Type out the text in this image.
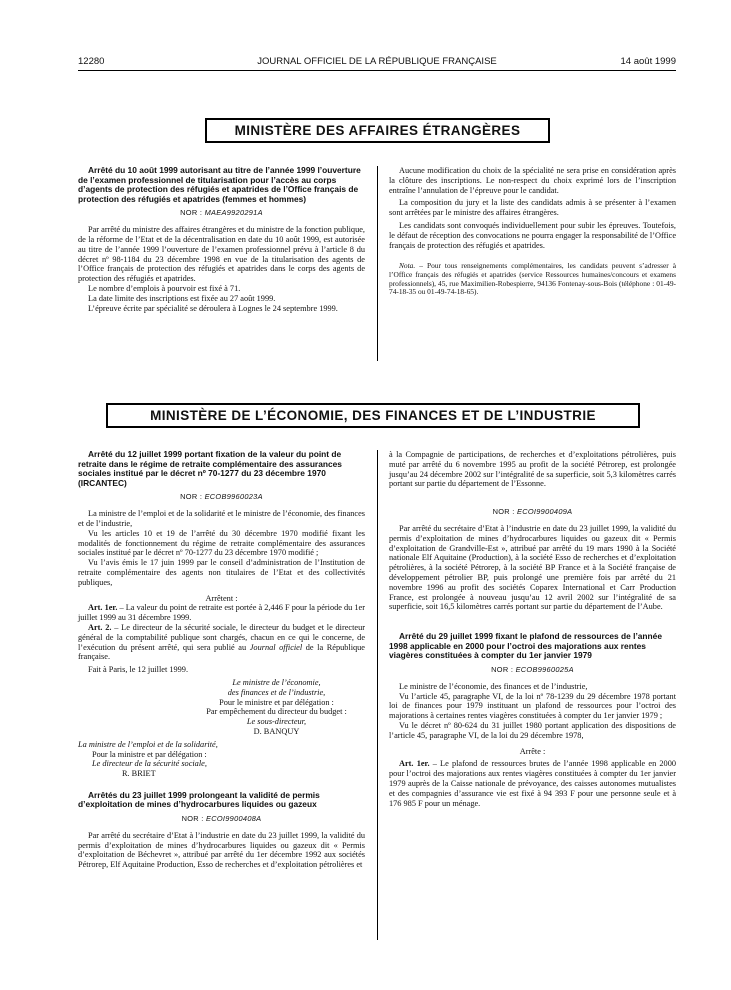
12280	JOURNAL OFFICIEL DE LA RÉPUBLIQUE FRANÇAISE	14 août 1999
MINISTÈRE DES AFFAIRES ÉTRANGÈRES

Arrêté du 10 août 1999 autorisant au titre de l’année 1999 l’ouverture de l’examen professionnel de titularisation pour l’accès au corps d’agents de protection des réfugiés et apatrides de l’Office français de protection des réfugiés et apatrides (femmes et hommes)

NOR : MAEA9920291A

Par arrêté du ministre des affaires étrangères et du ministre de la fonction publique, de la réforme de l’Etat et de la décentralisation en date du 10 août 1999, est autorisée au titre de l’année 1999 l’ouverture de l’examen professionnel prévu à l’article 8 du décret nº 98-1184 du 23 décembre 1998 en vue de la titularisation des agents de l’Office français de protection des réfugiés et apatrides dans le corps des agents de protection des réfugiés et apatrides.

Le nombre d’emplois à pourvoir est fixé à 71.

La date limite des inscriptions est fixée au 27 août 1999.

L’épreuve écrite par spécialité se déroulera à Lognes le 24 septembre 1999.

Aucune modification du choix de la spécialité ne sera prise en considération après la clôture des inscriptions. Le non-respect du choix exprimé lors de l’inscription entraîne l’annulation de l’épreuve pour le candidat.

La composition du jury et la liste des candidats admis à se présenter à l’examen sont arrêtées par le ministre des affaires étrangères.

Les candidats sont convoqués individuellement pour subir les épreuves. Toutefois, le défaut de réception des convocations ne pourra engager la responsabilité de l’Office français de protection des réfugiés et apatrides.

Nota. – Pour tous renseignements complémentaires, les candidats peuvent s’adresser à l’Office français des réfugiés et apatrides (service Ressources humaines/concours et examens professionnels), 45, rue Maximilien-Robespierre, 94136 Fontenay-sous-Bois (téléphone : 01-49-74-18-35 ou 01-49-74-18-65).

MINISTÈRE DE L’ÉCONOMIE, DES FINANCES ET DE L’INDUSTRIE

Arrêté du 12 juillet 1999 portant fixation de la valeur du point de retraite dans le régime de retraite complémentaire des assurances sociales institué par le décret nº 70-1277 du 23 décembre 1970 (IRCANTEC)

NOR : ECOB9960023A

La ministre de l’emploi et de la solidarité et le ministre de l’économie, des finances et de l’industrie,

Vu les articles 10 et 19 de l’arrêté du 30 décembre 1970 modifié fixant les modalités de fonctionnement du régime de retraite complémentaire des assurances sociales institué par le décret nº 70-1277 du 23 décembre 1970 modifié ;

Vu l’avis émis le 17 juin 1999 par le conseil d’administration de l’Institution de retraite complémentaire des agents non titulaires de l’Etat et des collectivités publiques,

Arrêtent :

Art. 1er. – La valeur du point de retraite est portée à 2,446 F pour la période du 1er juillet 1999 au 31 décembre 1999.

Art. 2. – Le directeur de la sécurité sociale, le directeur du budget et le directeur général de la comptabilité publique sont chargés, chacun en ce qui le concerne, de l’exécution du présent arrêté, qui sera publié au Journal officiel de la République française.

Fait à Paris, le 12 juillet 1999.

Le ministre de l’économie,
des finances et de l’industrie,
Pour le ministre et par délégation :
Par empêchement du directeur du budget :
Le sous-directeur,
D. BANQUY
La ministre de l’emploi et de la solidarité,
Pour la ministre et par délégation :
Le directeur de la sécurité sociale,
R. BRIET

Arrêtés du 23 juillet 1999 prolongeant la validité de permis d’exploitation de mines d’hydrocarbures liquides ou gazeux

NOR : ECOI9900408A

Par arrêté du secrétaire d’Etat à l’industrie en date du 23 juillet 1999, la validité du permis d’exploitation de mines d’hydrocarbures liquides ou gazeux dit « Permis d’exploitation de Béchevret », attribué par arrêté du 1er décembre 1992 aux sociétés Pétrorep, Elf Aquitaine Production, Esso de recherches et d’exploitation pétrolières et

à la Compagnie de participations, de recherches et d’exploitations pétrolières, puis muté par arrêté du 6 novembre 1995 au profit de la société Pétrorep, est prolongée jusqu’au 24 décembre 2002 sur l’intégralité de sa superficie, soit 5,3 kilomètres carrés portant sur partie du département de l’Essonne.

NOR : ECOI9900409A

Par arrêté du secrétaire d’Etat à l’industrie en date du 23 juillet 1999, la validité du permis d’exploitation de mines d’hydrocarbures liquides ou gazeux dit « Permis d’exploitation de Grandville-Est », attribué par arrêté du 19 mars 1990 à la Société nationale Elf Aquitaine (Production), à la société Esso de recherches et d’exploitation pétrolières, à la société Pétrorep, à la société BP France et à la Société française de développement pétrolier BP, puis prolongé une première fois par arrêté du 21 novembre 1996 au profit des sociétés Coparex International et Carr Production France, est prolongée à nouveau jusqu’au 12 avril 2002 sur l’intégralité de sa superficie, soit 16,5 kilomètres carrés portant sur partie du département de l’Aube.

Arrêté du 29 juillet 1999 fixant le plafond de ressources de l’année 1998 applicable en 2000 pour l’octroi des majorations aux rentes viagères constituées à compter du 1er janvier 1979

NOR : ECOB9960025A

Le ministre de l’économie, des finances et de l’industrie,

Vu l’article 45, paragraphe VI, de la loi nº 78-1239 du 29 décembre 1978 portant loi de finances pour 1979 instituant un plafond de ressources pour l’octroi des majorations à certaines rentes viagères constituées à compter du 1er janvier 1979 ;

Vu le décret nº 80-624 du 31 juillet 1980 portant application des dispositions de l’article 45, paragraphe VI, de la loi du 29 décembre 1978,

Arrête :

Art. 1er. – Le plafond de ressources brutes de l’année 1998 applicable en 2000 pour l’octroi des majorations aux rentes viagères constituées à compter du 1er janvier 1979 auprès de la Caisse nationale de prévoyance, des caisses autonomes mutualistes et des compagnies d’assurance vie est fixé à 94 393 F pour une personne seule et à 176 985 F pour un ménage.
